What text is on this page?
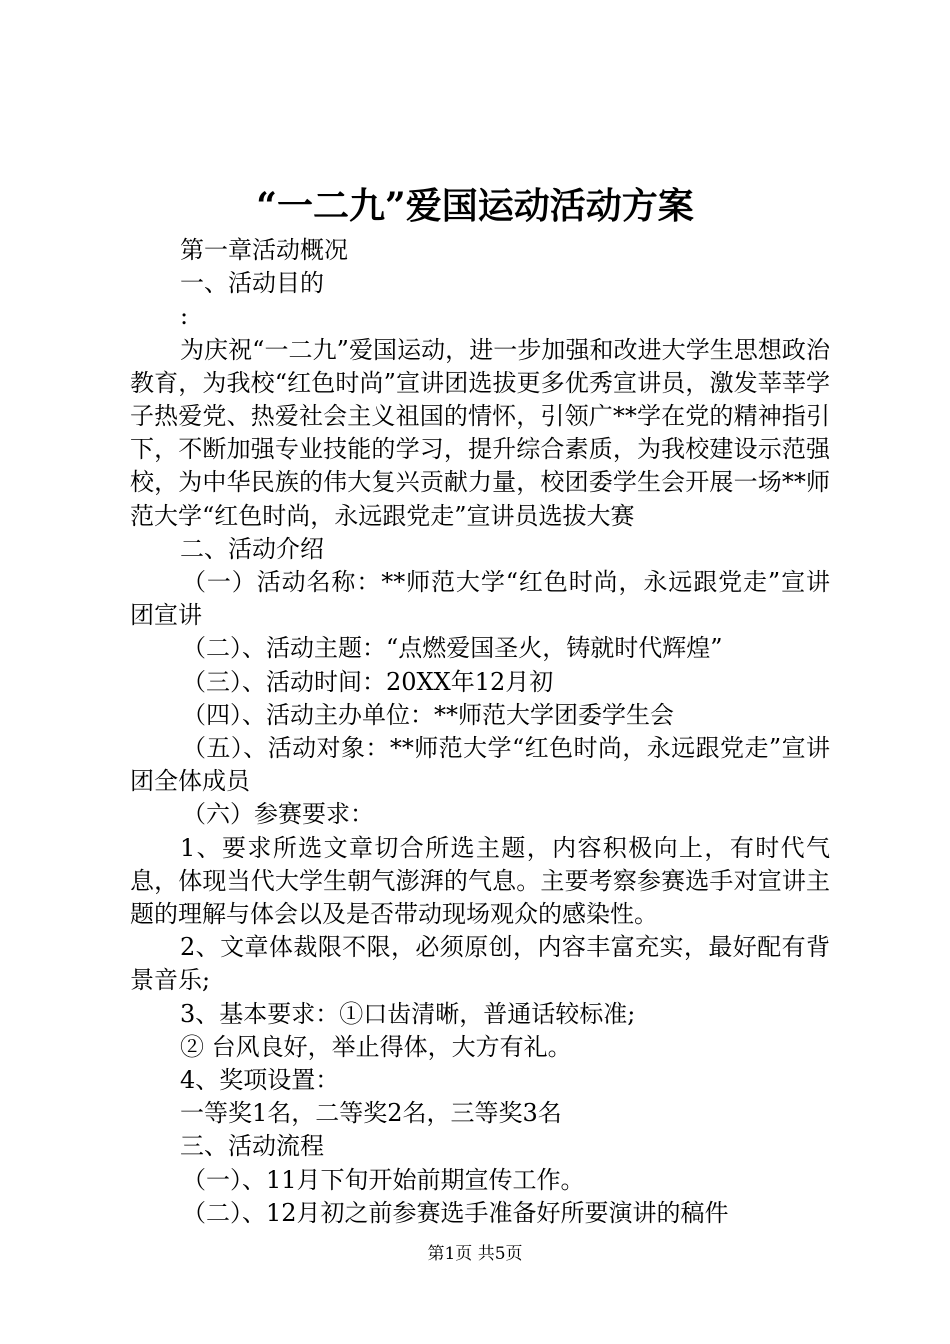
“一二九”爱国运动活动方案

第一章活动概况

一、活动目的

:

为庆祝“一二九”爱国运动，进一步加强和改进大学生思想政治教育，为我校“红色时尚”宣讲团选拔更多优秀宣讲员，激发莘莘学子热爱党、热爱社会主义祖国的情怀，引领广**学在党的精神指引下，不断加强专业技能的学习，提升综合素质，为我校建设示范强校，为中华民族的伟大复兴贡献力量，校团委学生会开展一场**师范大学“红色时尚，永远跟党走”宣讲员选拔大赛

二、活动介绍

（一）活动名称：**师范大学“红色时尚，永远跟党走”宣讲团宣讲

（二）、活动主题：“点燃爱国圣火，铸就时代辉煌”

（三）、活动时间：20XX年12月初

（四）、活动主办单位：**师范大学团委学生会

（五）、活动对象：**师范大学“红色时尚，永远跟党走”宣讲团全体成员

（六）参赛要求：

1、要求所选文章切合所选主题，内容积极向上，有时代气息，体现当代大学生朝气澎湃的气息。主要考察参赛选手对宣讲主题的理解与体会以及是否带动现场观众的感染性。

2、文章体裁限不限，必须原创，内容丰富充实，最好配有背景音乐;

3、基本要求：①口齿清晰，普通话较标准;

② 台风良好，举止得体，大方有礼。

4、奖项设置：

一等奖1名，二等奖2名，三等奖3名

三、活动流程

（一）、11月下旬开始前期宣传工作。

（二）、12月初之前参赛选手准备好所要演讲的稿件

第1页 共5页
